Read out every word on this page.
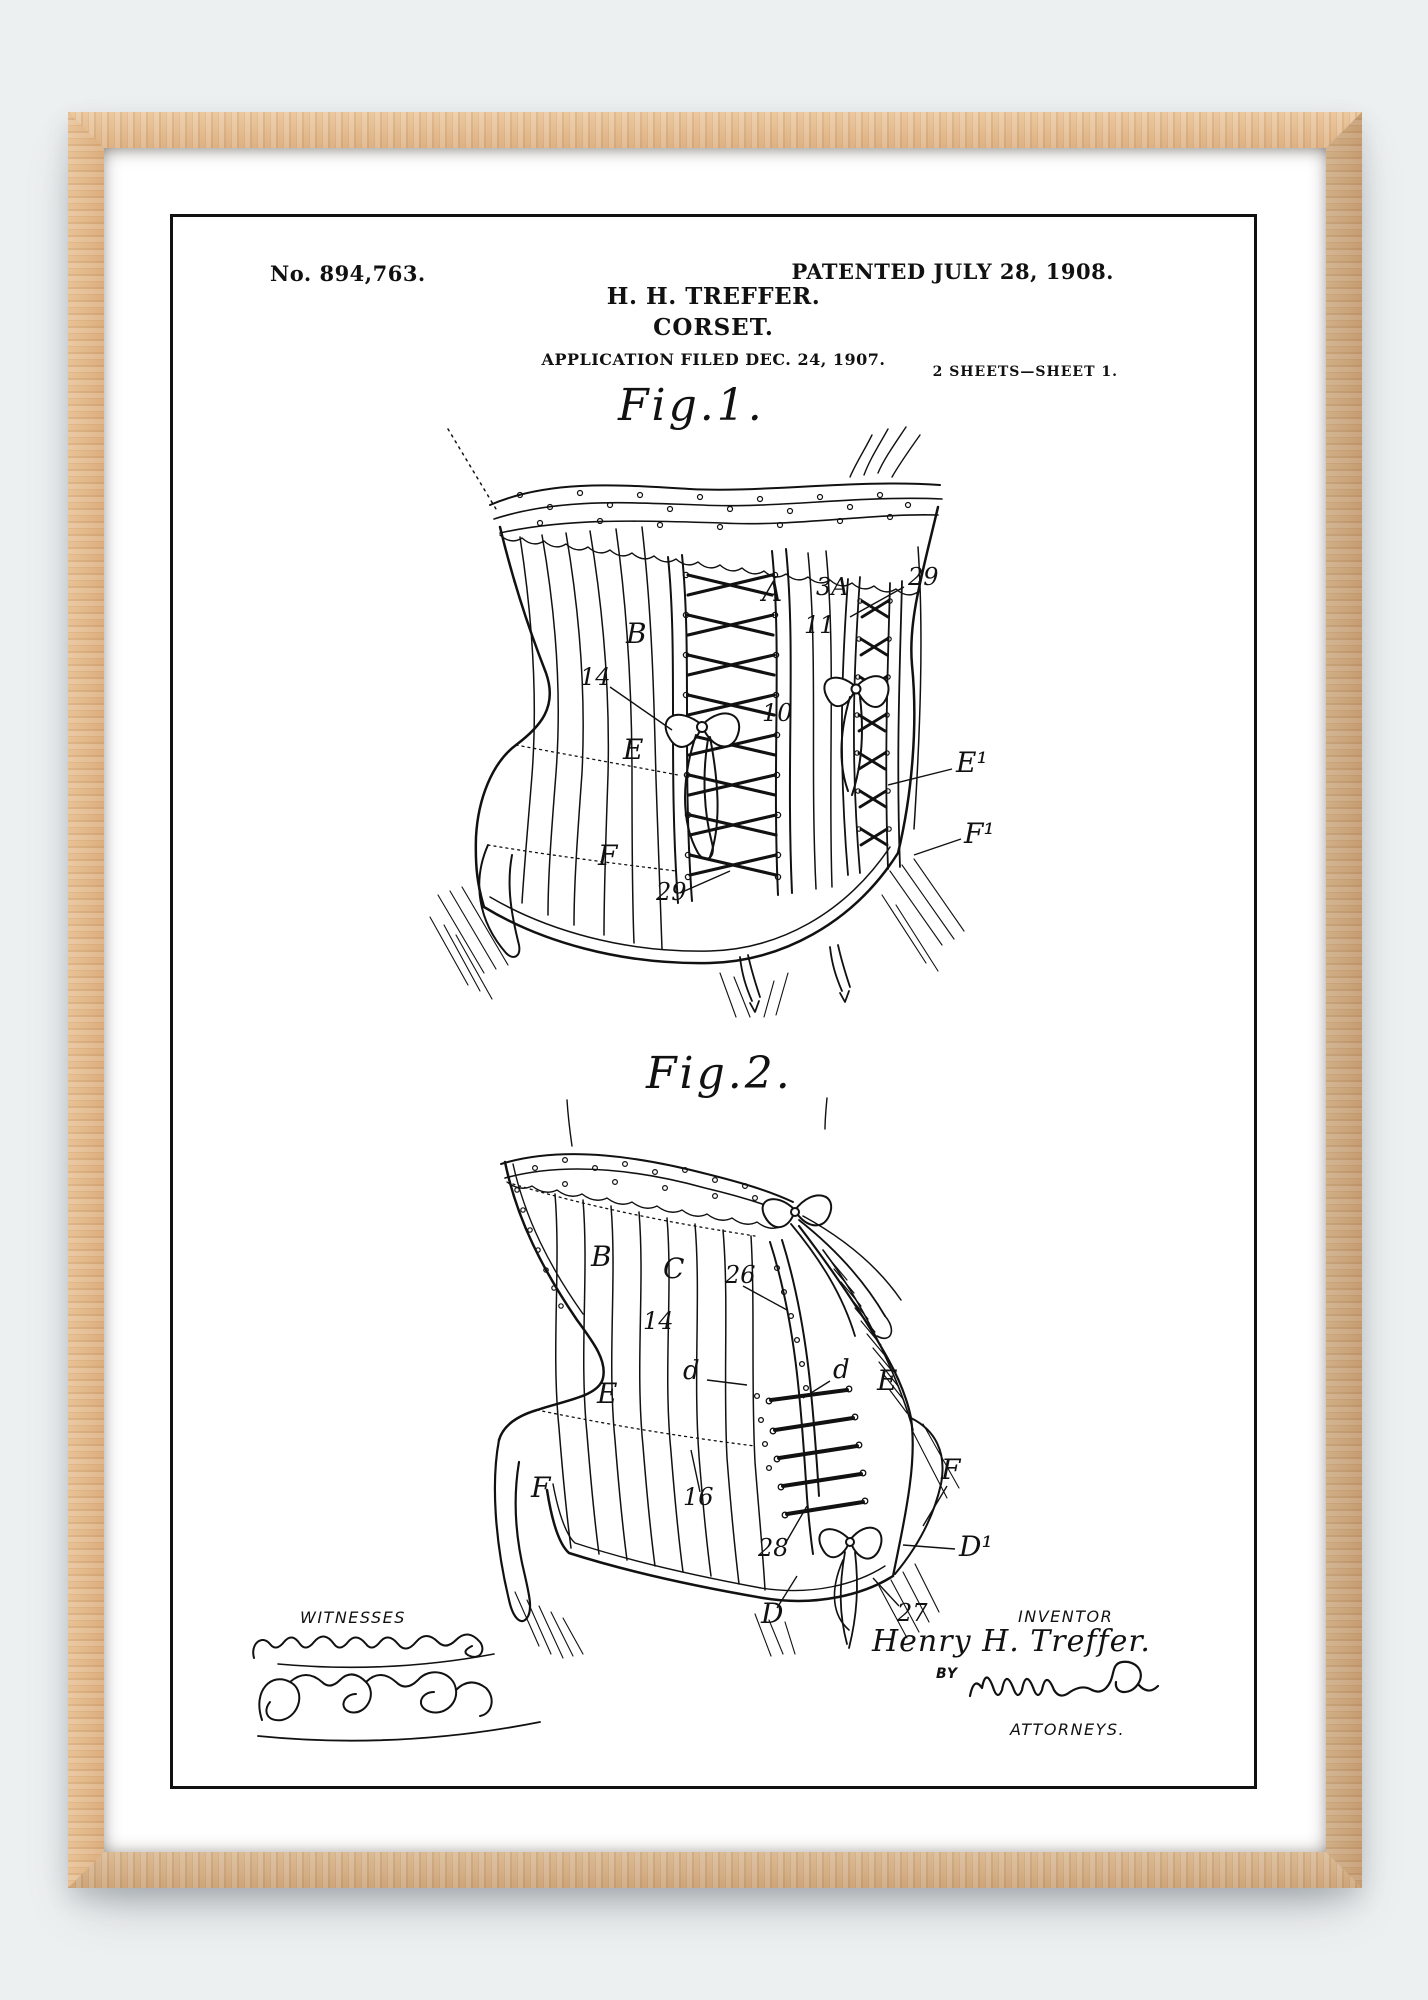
No. 894,763.	PATENTED JULY 28, 1908.
H. H. TREFFER.
CORSET.
APPLICATION FILED DEC. 24, 1907.
2 SHEETS—SHEET 1.
Fig.1.
Fig.2.
A 3A 29
B	11
14
10
E	E¹
F¹
F
29
B C 26
14
d	d E
E
F	16
28
F
D¹
D	27
WITNESSES	INVENTOR
Henry H. Treffer.
BY
ATTORNEYS.
